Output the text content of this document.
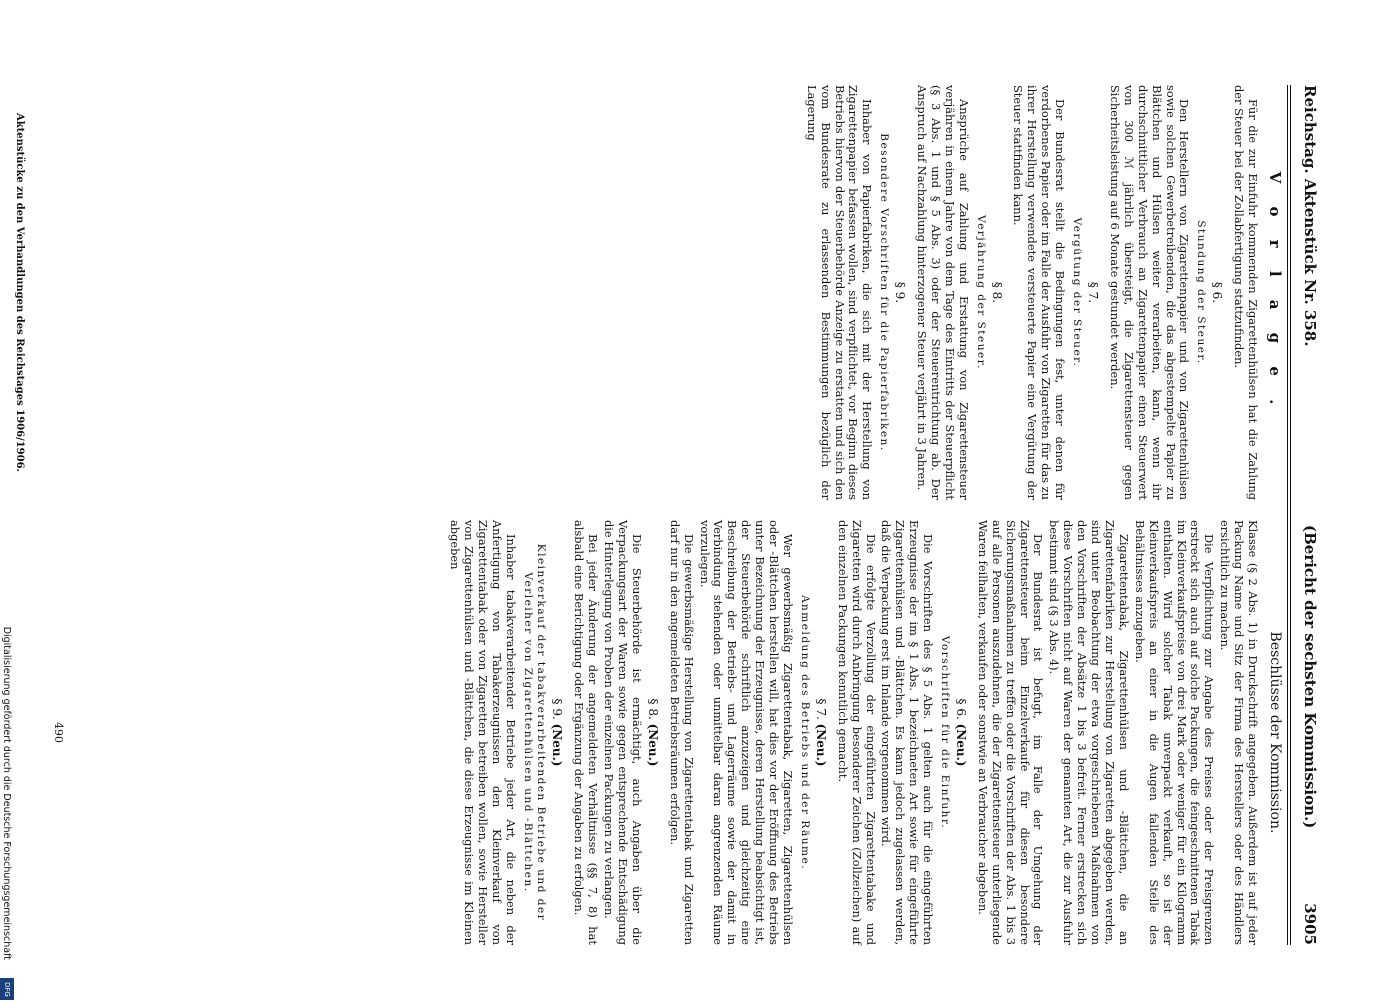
Reichstag. Aktenstück Nr. 358.
3905
(Bericht der sechsten Kommission.)
V o r l a g e .

Für die zur Einfuhr kommenden Zigarettenhülsen hat die Zahlung der Steuer bei der Zollabfertigung stattzufinden.

§ 6.
Stundung der Steuer.

Den Herstellern von Zigarettenpapier und von Zigarettenhülsen sowie solchen Gewerbetreibenden, die das abgestempelte Papier zu Blättchen und Hülsen weiter verarbeiten, kann, wenn ihr durchschnittlicher Verbrauch an Zigarettenpapier einen Steuerwert von 300 ℳ jährlich übersteigt, die Zigarettensteuer gegen Sicherheitsleistung auf 6 Monate gestundet werden.

§ 7.
Vergütung der Steuer.

Der Bundesrat stellt die Bedingungen fest, unter denen für verdorbenes Papier oder im Falle der Ausfuhr von Zigaretten für das zu ihrer Herstellung verwendete versteuerte Papier eine Vergütung der Steuer stattfinden kann.

§ 8.
Verjährung der Steuer.

Ansprüche auf Zahlung und Erstattung von Zigarettensteuer verjähren in einem Jahre von dem Tage des Eintritts der Steuerpflicht (§ 3 Abs. 1 und § 5 Abs. 3) oder der Steuerentrichtung ab. Der Anspruch auf Nachzahlung hinterzogener Steuer verjährt in 3 Jahren.

§ 9.
Besondere Vorschriften für die Papierfabriken.

Inhaber von Papierfabriken, die sich mit der Herstellung von Zigarettenpapier befassen wollen, sind verpflichtet, vor Beginn dieses Betriebs hiervon der Steuerbehörde Anzeige zu erstatten und sich den vom Bundesrate zu erlassenden Bestimmungen bezüglich der Lagerung

Beschlüsse der Kommission.

Klasse (§ 2 Abs. 1) in Druckschrift angegeben. Außerdem ist auf jeder Packung Name und Sitz der Firma des Herstellers oder des Händlers ersichtlich zu machen.

Die Verpflichtung zur Angabe des Preises oder der Preisgrenzen erstreckt sich auch auf solche Packungen, die feingeschnittenen Tabak im Kleinverkaufspreise von drei Mark oder weniger für ein Kilogramm enthalten. Wird solcher Tabak unverpackt verkauft, so ist der Kleinverkaufspreis an einer in die Augen fallenden Stelle des Behältnisses anzugeben.

Zigarettentabak, Zigarettenhülsen und -Blättchen, die an Zigarettenfabriken zur Herstellung von Zigaretten abgegeben werden, sind unter Beobachtung der etwa vorgeschriebenen Maßnahmen von den Vorschriften der Absätze 1 bis 3 befreit. Ferner erstrecken sich diese Vorschriften nicht auf Waren der genannten Art, die zur Ausfuhr bestimmt sind (§ 3 Abs. 4).

Der Bundesrat ist befugt, im Falle der Umgehung der Zigarettensteuer beim Einzelverkaufe für diesen besondere Sicherungsmaßnahmen zu treffen oder die Vorschriften der Abs. 1 bis 3 auf alle Personen auszudehnen, die der Zigarettensteuer unterliegende Waren feilhalten, verkaufen oder sonstwie an Verbraucher abgeben.

§ 6. (Neu.)
Vorschriften für die Einfuhr.

Die Vorschriften des § 5 Abs. 1 gelten auch für die eingeführten Erzeugnisse der im § 1 Abs. 1 bezeichneten Art sowie für eingeführte Zigarettenhülsen und -Blättchen. Es kann jedoch zugelassen werden, daß die Verpackung erst im Inlande vorgenommen wird.

Die erfolgte Verzollung der eingeführten Zigarettentabake und Zigaretten wird durch Anbringung besonderer Zeichen (Zollzeichen) auf den einzelnen Packungen kenntlich gemacht.

§ 7. (Neu.)
Anmeldung des Betriebs und der Räume.

Wer gewerbsmäßig Zigarettentabak, Zigaretten, Zigarettenhülsen oder -Blättchen herstellen will, hat dies vor der Eröffnung des Betriebs unter Bezeichnung der Erzeugnisse, deren Herstellung beabsichtigt ist, der Steuerbehörde schriftlich anzuzeigen und gleichzeitig eine Beschreibung der Betriebs- und Lagerräume sowie der damit in Verbindung stehenden oder unmittelbar daran angrenzenden Räume vorzulegen.

Die gewerbsmäßige Herstellung von Zigarettentabak und Zigaretten darf nur in den angemeldeten Betriebsräumen erfolgen.

§ 8. (Neu.)

Die Steuerbehörde ist ermächtigt, auch Angaben über die Verpackungsart der Waren sowie gegen entsprechende Entschädigung die Hinterlegung von Proben der einzelnen Packungen zu verlangen.

Bei jeder Änderung der angemeldeten Verhältnisse (§§ 7, 8) hat alsbald eine Berichtigung oder Ergänzung der Angaben zu erfolgen.

§ 9. (Neu.)
Kleinverkauf der tabakverarbeitenden Betriebe und der Verleiher von Zigarettenhülsen und -Blättchen.

Inhaber tabakverarbeitender Betriebe jeder Art, die neben der Anfertigung von Tabakerzeugnissen den Kleinverkauf von Zigarettentabak oder von Zigaretten betreiben wollen, sowie Hersteller von Zigarettenhülsen und -Blättchen, die diese Erzeugnisse im Kleinen abgeben

Aktenstücke zu den Verhandlungen des Reichstages 1906/1906.
490
Digitalisierung gefördert durch die Deutsche Forschungsgemeinschaft
DFG
